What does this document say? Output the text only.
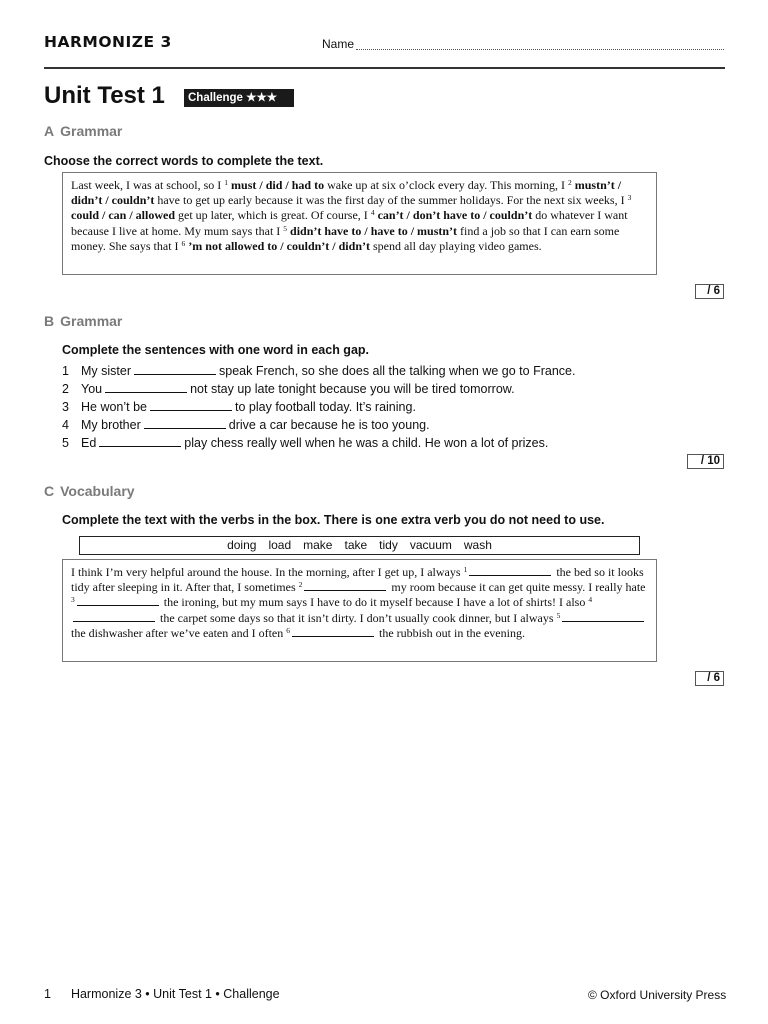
HARMONIZE 3	Name
Unit Test 1	Challenge ★★★
A Grammar
Choose the correct words to complete the text.
Last week, I was at school, so I $^1$ must / did / had to wake up at six o’clock every day. This morning, I $^2$ mustn’t / didn’t / couldn’t have to get up early because it was the first day of the summer holidays. For the next six weeks, I $^3$ could / can / allowed get up later, which is great. Of course, I $^4$ can’t / don’t have to / couldn’t do whatever I want because I live at home. My mum says that I $^5$ didn’t have to / have to / mustn’t find a job so that I can earn some money. She says that I $^6$ ’m not allowed to / couldn’t / didn’t spend all day playing video games.
/ 6
B Grammar
Complete the sentences with one word in each gap.
1 My sister	speak French, so she does all the talking when we go to France.
2 You	not stay up late tonight because you will be tired tomorrow.
3 He won’t be	to play football today. It’s raining.
4 My brother	drive a car because he is too young.
5 Ed	play chess really well when he was a child. He won a lot of prizes.
/ 10
C Vocabulary
Complete the text with the verbs in the box. There is one extra verb you do not need to use.
doing load make take tidy vacuum wash
I think I’m very helpful around the house. In the morning, after I get up, I always $^1$	the bed so it looks tidy after sleeping in it. After that, I sometimes $^2$	my room because it can get quite messy. I really hate $^3$	the ironing, but my mum says I have to do it myself because I have a lot of shirts! I also $^4$ the carpet some days so that it isn’t dirty. I don’t usually cook dinner, but I always $^5$ the dishwasher after we’ve eaten and I often $^6$	the rubbish out in the evening.
/ 6
1 Harmonize 3 • Unit Test 1 • Challenge	© Oxford University Press
